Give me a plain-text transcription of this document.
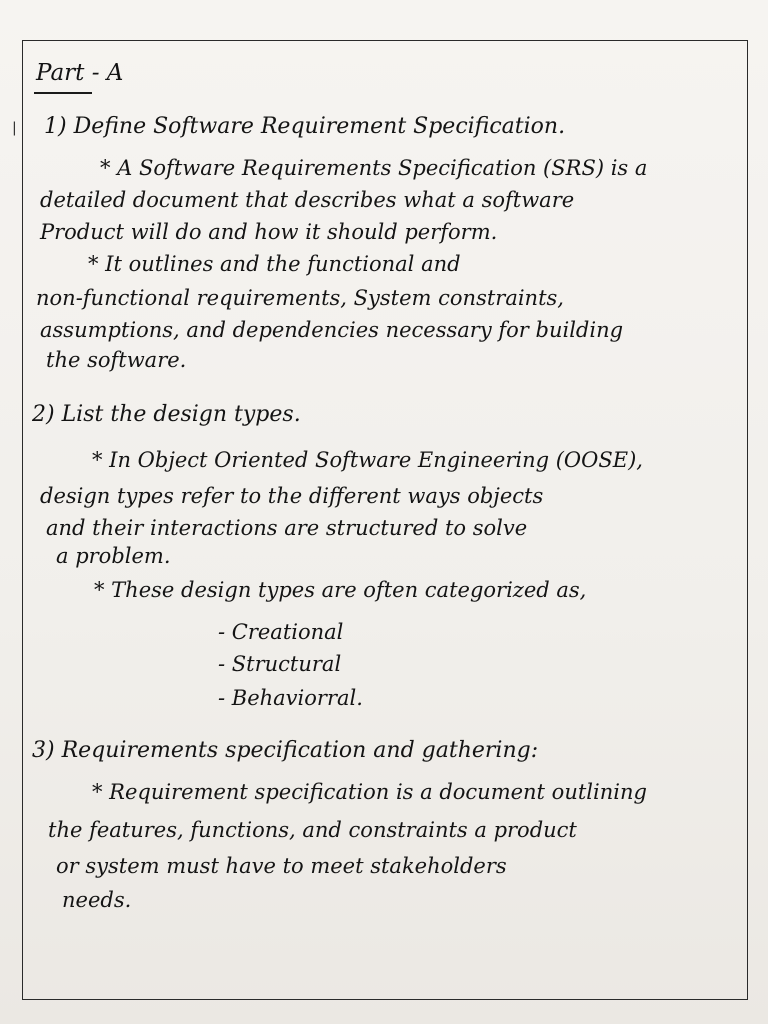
|
Part - A
1) Define Software Requirement Specification.
* A Software Requirements Specification (SRS) is a
detailed document that describes what a software
Product will do and how it should perform.
* It outlines and the functional and
non-functional requirements, System constraints,
assumptions, and dependencies necessary for building
the software.
2) List the design types.
* In Object Oriented Software Engineering (OOSE),
design types refer to the different ways objects
and their interactions are structured to solve
a problem.
* These design types are often categorized as,
- Creational
- Structural
- Behaviorral.
3) Requirements specification and gathering:
* Requirement specification is a document outlining
the features, functions, and constraints a product
or system must have to meet stakeholders
needs.
